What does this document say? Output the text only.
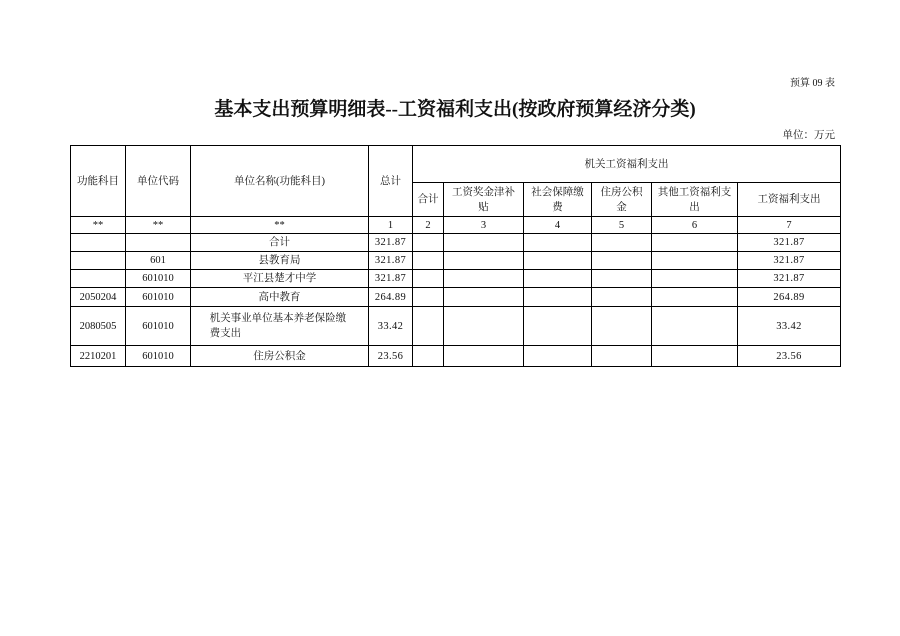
预算 09 表
基本支出预算明细表--工资福利支出(按政府预算经济分类)
单位：万元
功能科目	单位代码	单位名称(功能科目)	总计	机关工资福利支出	
				合计	工资奖金津补贴	社会保障缴费	住房公积金	其他工资福利支出	工资福利支出	
**	**	**	1	2	3	4	5	6	7	
		合计	321.87						321.87	
	601	县教育局	321.87						321.87	
	601010	平江县楚才中学	321.87						321.87	
2050204	601010	高中教育	264.89						264.89	
2080505	601010	机关事业单位基本养老保险缴费支出	33.42						33.42	
2210201	601010	住房公积金	23.56						23.56	
